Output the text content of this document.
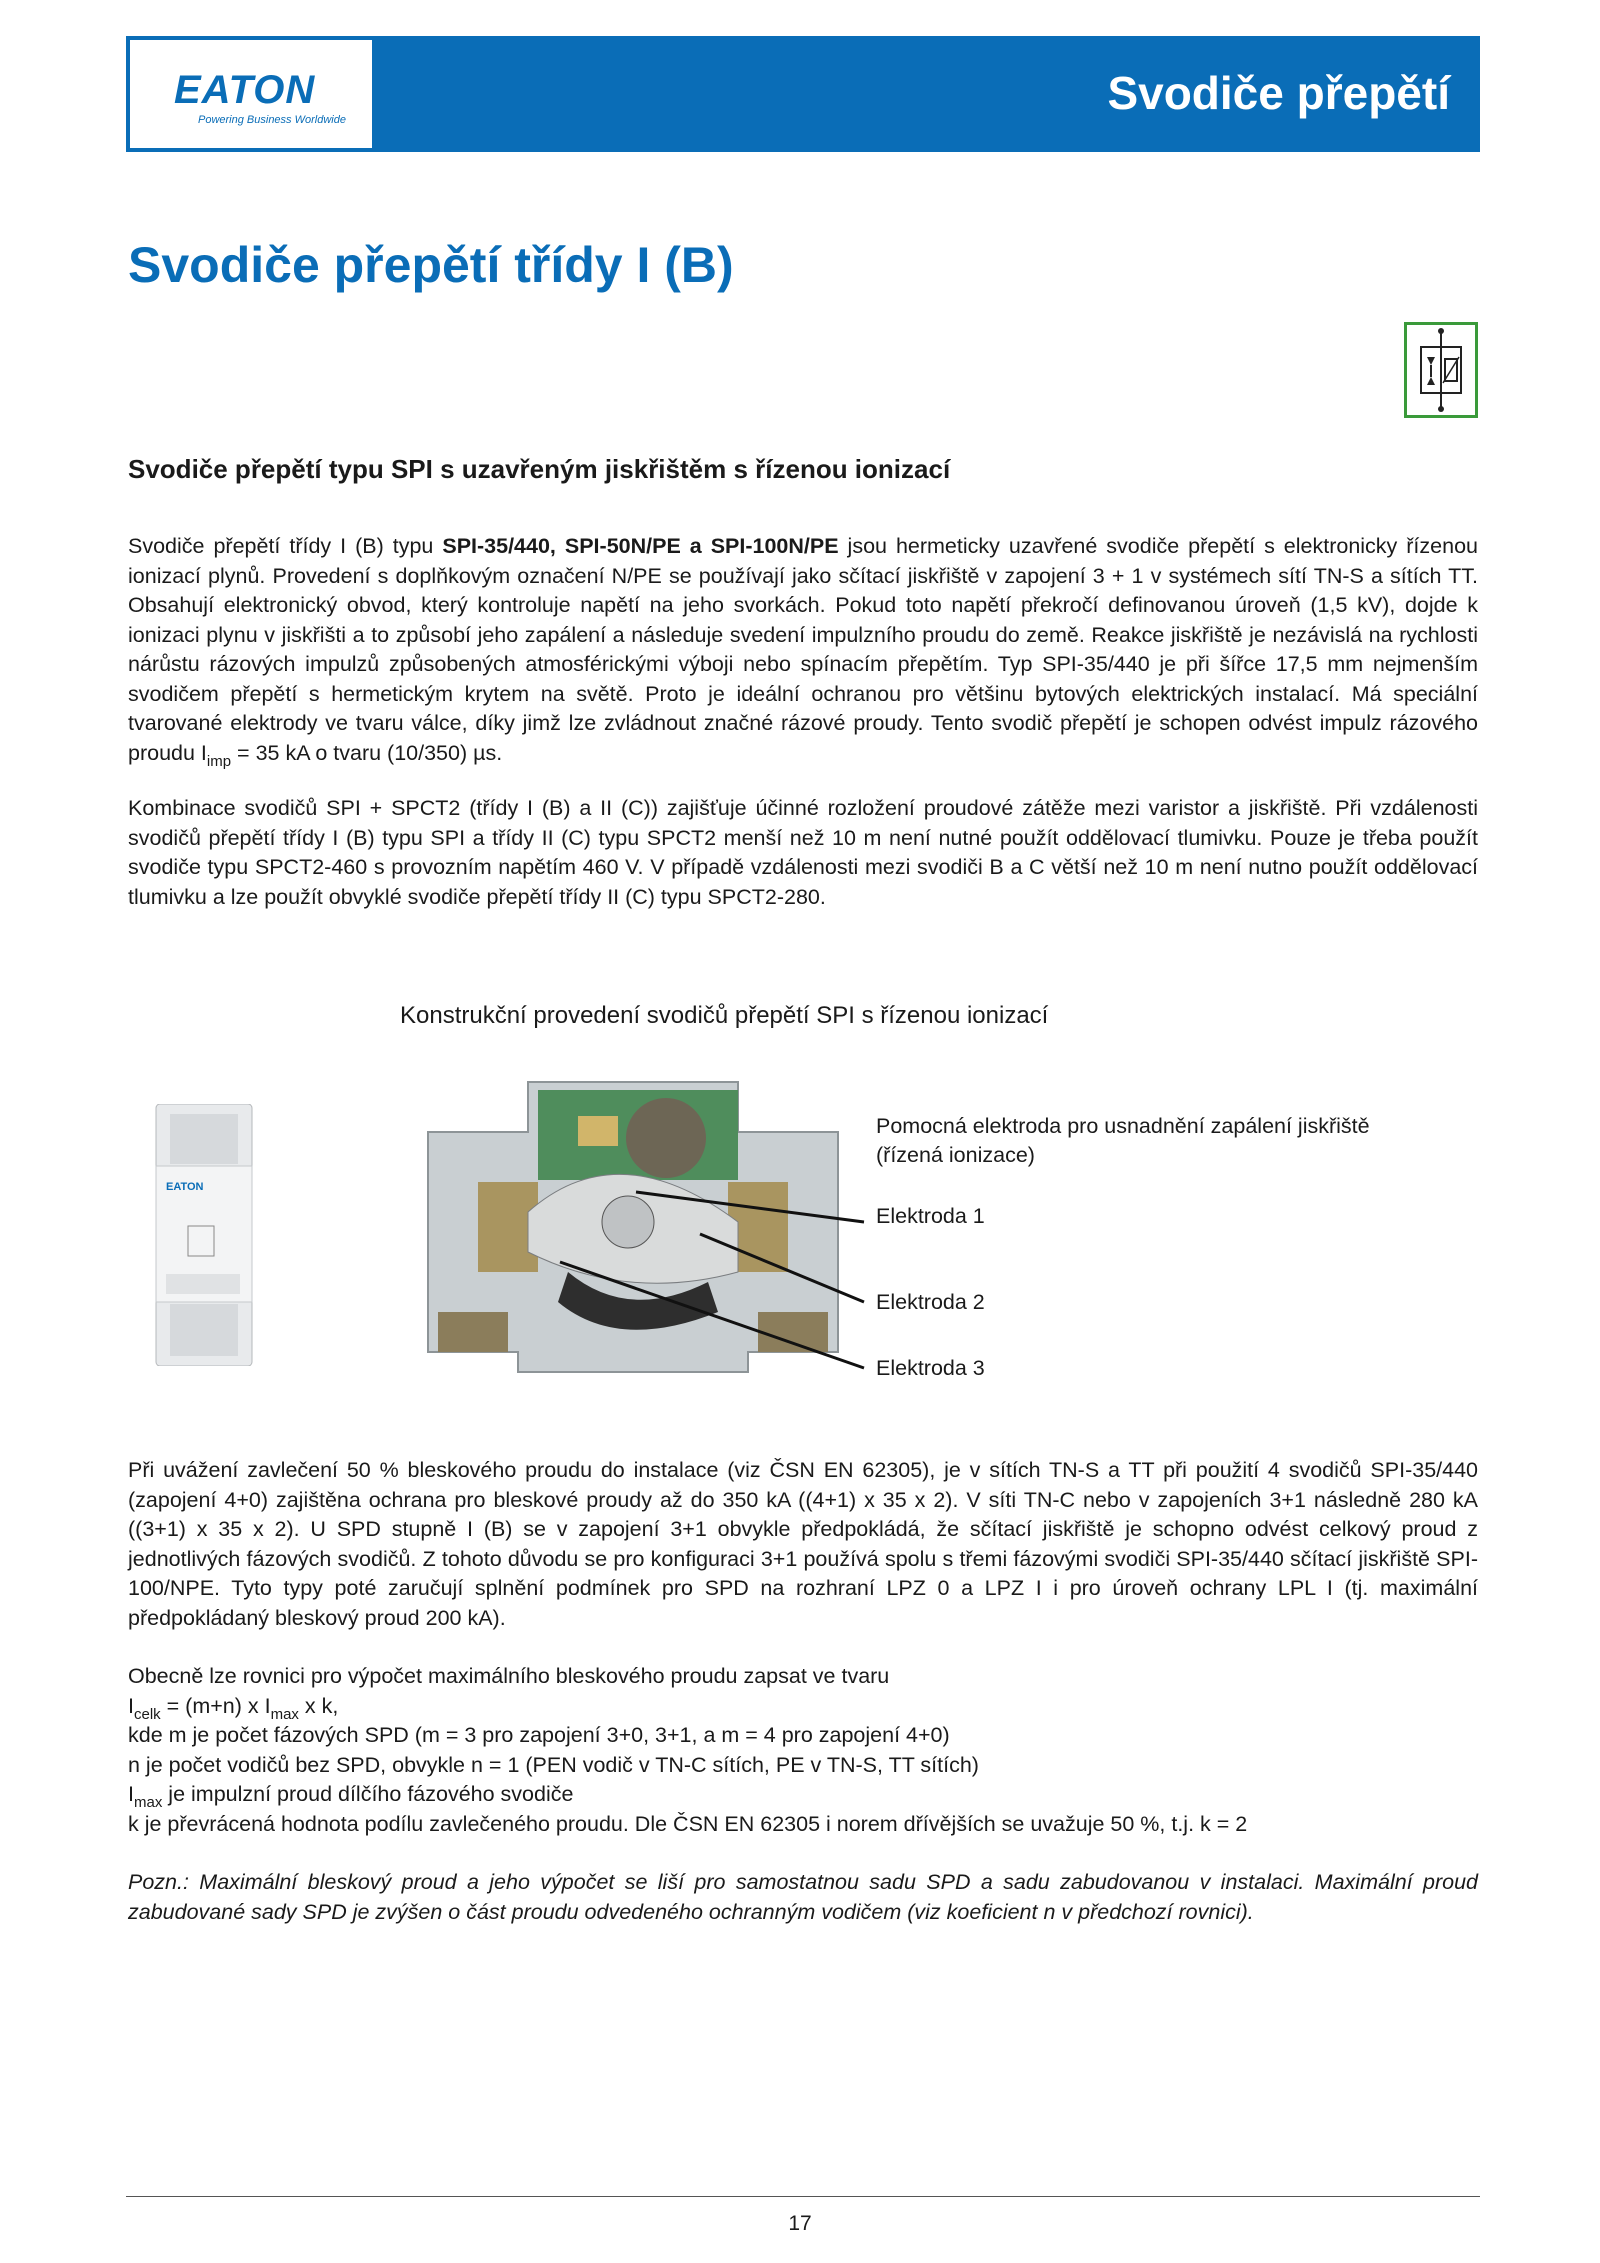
EATON
Powering Business Worldwide
Svodiče přepětí
Svodiče přepětí třídy I (B)
Svodiče přepětí typu SPI s uzavřeným jiskřištěm s řízenou ionizací
Svodiče přepětí třídy I (B) typu SPI-35/440, SPI-50N/PE a SPI-100N/PE jsou hermeticky uzavřené svodiče přepětí s elektronicky řízenou ionizací plynů. Provedení s doplňkovým označení N/PE se používají jako sčítací jiskřiště v zapojení 3 + 1 v systémech sítí TN-S a sítích TT. Obsahují elektronický obvod, který kontroluje napětí na jeho svorkách. Pokud toto napětí překročí definovanou úroveň (1,5 kV), dojde k ionizaci plynu v jiskřišti a to způsobí jeho zapálení a následuje svedení impulzního proudu do země. Reakce jiskřiště je nezávislá na rychlosti nárůstu rázových impulzů způsobených atmosférickými výboji nebo spínacím přepětím. Typ SPI-35/440 je při šířce 17,5 mm nejmenším svodičem přepětí s hermetickým krytem na světě. Proto je ideální ochranou pro většinu bytových elektrických instalací. Má speciální tvarované elektrody ve tvaru válce, díky jimž lze zvládnout značné rázové proudy. Tento svodič přepětí je schopen odvést impulz rázového proudu $I_{imp} = 35$ kA o tvaru (10/350) µs.
Kombinace svodičů SPI + SPCT2 (třídy I (B) a II (C)) zajišťuje účinné rozložení proudové zátěže mezi varistor a jiskřiště. Při vzdálenosti svodičů přepětí třídy I (B) typu SPI a třídy II (C) typu SPCT2 menší než 10 m není nutné použít oddělovací tlumivku. Pouze je třeba použít svodiče typu SPCT2-460 s provozním napětím 460 V. V případě vzdálenosti mezi svodiči B a C větší než 10 m není nutno použít oddělovací tlumivku a lze použít obvyklé svodiče přepětí třídy II (C) typu SPCT2-280.
Konstrukční provedení svodičů přepětí SPI s řízenou ionizací
EATON
Pomocná elektroda pro usnadnění zapálení jiskřiště
(řízená ionizace)
Elektroda 1
Elektroda 2
Elektroda 3
Při uvážení zavlečení 50 % bleskového proudu do instalace (viz ČSN EN 62305), je v sítích TN-S a TT při použití 4 svodičů SPI-35/440 (zapojení 4+0) zajištěna ochrana pro bleskové proudy až do 350 kA ((4+1) x 35 x 2). V síti TN-C nebo v zapojeních 3+1 následně 280 kA ((3+1) x 35 x 2). U SPD stupně I (B) se v zapojení 3+1 obvykle předpokládá, že sčítací jiskřiště je schopno odvést celkový proud z jednotlivých fázových svodičů. Z tohoto důvodu se pro konfiguraci 3+1 používá spolu s třemi fázovými svodiči SPI-35/440 sčítací jiskřiště SPI-100/NPE. Tyto typy poté zaručují splnění podmínek pro SPD na rozhraní LPZ 0 a LPZ I i pro úroveň ochrany LPL I (tj. maximální předpokládaný bleskový proud 200 kA).
Obecně lze rovnici pro výpočet maximálního bleskového proudu zapsat ve tvaru
$I_{celk} = (m+n)$ x $I_{max}$ x k,
kde m je počet fázových SPD (m = 3 pro zapojení 3+0, 3+1, a m = 4 pro zapojení 4+0)
n je počet vodičů bez SPD, obvykle n = 1 (PEN vodič v TN-C sítích, PE v TN-S, TT sítích)
$I_{max}$ je impulzní proud dílčího fázového svodiče
k je převrácená hodnota podílu zavlečeného proudu. Dle ČSN EN 62305 i norem dřívějších se uvažuje 50 %, t.j. k = 2
Pozn.: Maximální bleskový proud a jeho výpočet se liší pro samostatnou sadu SPD a sadu zabudovanou v instalaci. Maximální proud zabudované sady SPD je zvýšen o část proudu odvedeného ochranným vodičem (viz koeficient n v předchozí rovnici).
17
